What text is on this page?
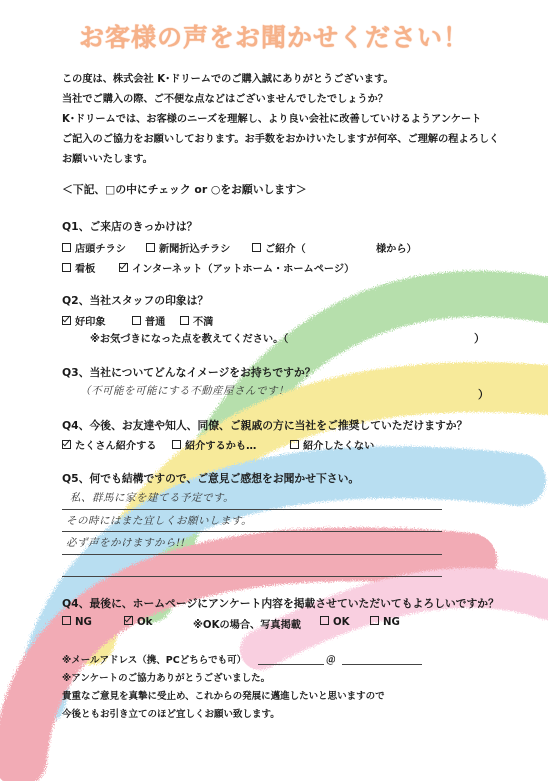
お客様の声をお聞かせください！
この度は、株式会社 K･ドリームでのご購入誠にありがとうございます。
当社でご購入の際、ご不便な点などはございませんでしたでしょうか？
K･ドリームでは、お客様のニーズを理解し、より良い会社に改善していけるようアンケート
ご記入のご協力をお願いしております。お手数をおかけいたしますが何卒、ご理解の程よろしく
お願いいたします。
＜下記、□の中にチェック or ○をお願いします＞
Q1、ご来店のきっかけは？
店頭チラシ	新聞折込チラシ	ご紹介（	様から）
看板	インターネット（アットホーム・ホームページ）
Q2、当社スタッフの印象は？
好印象	普通	不満
※お気づきになった点を教えてください。（	）
Q3、当社についてどんなイメージをお持ちですか？
（不可能を可能にする不動産屋さんです！	）
Q4、今後、お友達や知人、同僚、ご親戚の方に当社をご推奨していただけますか？
たくさん紹介する	紹介するかも…	紹介したくない
Q5、何でも結構ですので、ご意見ご感想をお聞かせ下さい。
私、群馬に家を建てる予定です。
その時にはまた宜しくお願いします。
必ず声をかけますから!!
Q4、最後に、ホームページにアンケート内容を掲載させていただいてもよろしいですか？
NG	Ok	※OKの場合、写真掲載	OK	NG
※メールアドレス（携、PCどちらでも可）	＠
※アンケートのご協力ありがとうございました。
貴重なご意見を真摯に受止め、これからの発展に邁進したいと思いますので
今後ともお引き立てのほど宜しくお願い致します。
